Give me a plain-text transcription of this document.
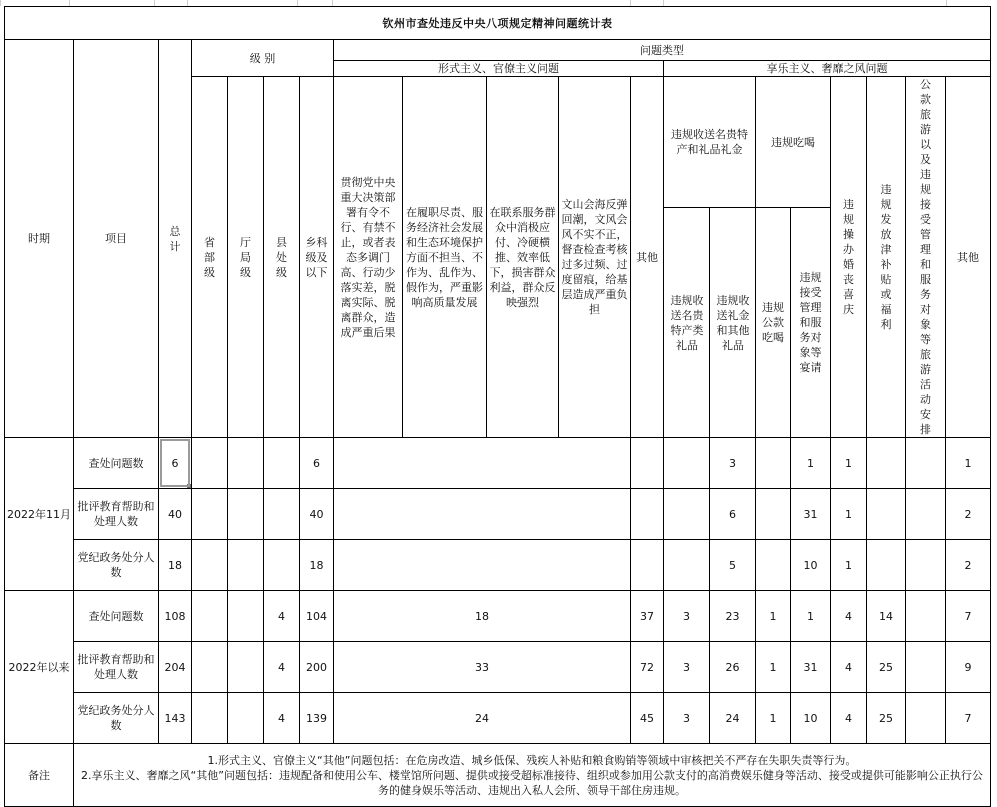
钦州市查处违反中央八项规定精神问题统计表																			
时期	项目	总计	级 别				问题类型												
							形式主义、官僚主义问题					享乐主义、奢靡之风问题							
			省部级	厅局级	县处级	乡科级及以下	贯彻党中央重大决策部署有令不行、有禁不止，或者表态多调门高、行动少落实差，脱离实际、脱离群众，造成严重后果	在履职尽责、服务经济社会发展和生态环境保护方面不担当、不作为、乱作为、假作为，严重影响高质量发展	在联系服务群众中消极应付、冷硬横推、效率低下，损害群众利益，群众反映强烈	文山会海反弹回潮，文风会风不实不正，督查检查考核过多过频、过度留痕，给基层造成严重负担	其他	违规收送名贵特产和礼品礼金		违规吃喝		违规操办婚丧喜庆	违规发放津补贴或福利	公款旅游以及违规接受管理和服务对象等旅游活动安排	其他
												违规收送名贵特产类礼品	违规收送礼金和其他礼品	违规公款吃喝	违规接受管理和服务对象等宴请				
2022年11月	查处问题数	6				6							3		1	1			1
	批评教育帮助和处理人数	40				40							6		31	1			2
	党纪政务处分人数	18				18							5		10	1			2
2022年以来	查处问题数	108			4	104	18				37	3	23	1	1	4	14		7
	批评教育帮助和处理人数	204			4	200	33				72	3	26	1	31	4	25		9
	党纪政务处分人数	143			4	139	24				45	3	24	1	10	4	25		7
备注	1.形式主义、官僚主义“其他”问题包括：在危房改造、城乡低保、残疾人补贴和粮食购销等领域中审核把关不严存在失职失责等行为。
2.享乐主义、奢靡之风“其他”问题包括：违规配备和使用公车、楼堂馆所问题、提供或接受超标准接待、组织或参加用公款支付的高消费娱乐健身等活动、接受或提供可能影响公正执行公务的健身娱乐等活动、违规出入私人会所、领导干部住房违规。																		
